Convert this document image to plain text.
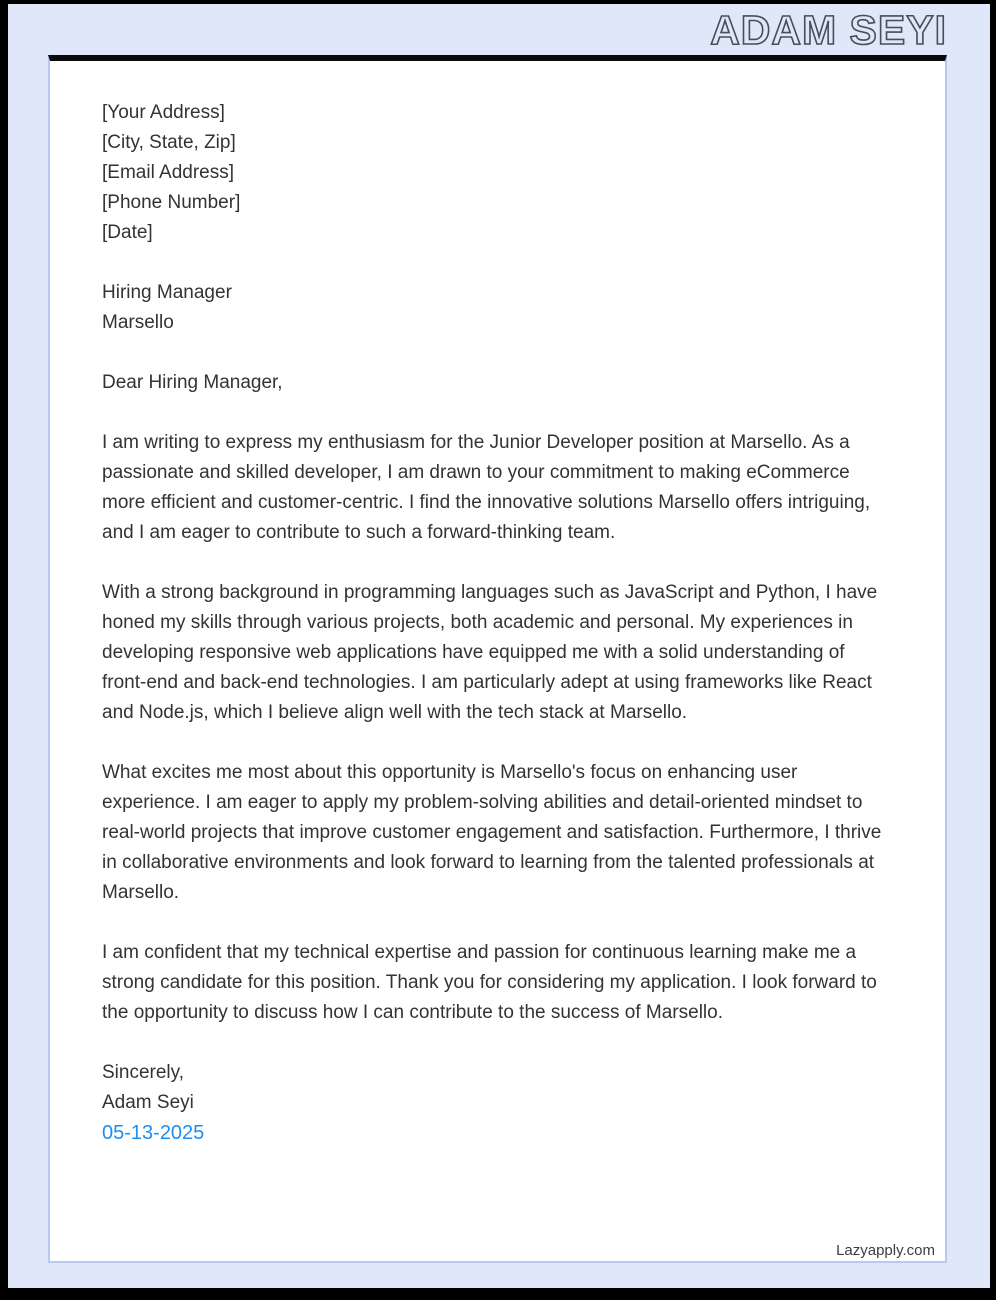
ADAM SEYI
[Your Address]
[City, State, Zip]
[Email Address]
[Phone Number]
[Date]
Hiring Manager
Marsello
Dear Hiring Manager,

I am writing to express my enthusiasm for the Junior Developer position at Marsello. As a passionate and skilled developer, I am drawn to your commitment to making eCommerce more efficient and customer-centric. I find the innovative solutions Marsello offers intriguing, and I am eager to contribute to such a forward-thinking team.

With a strong background in programming languages such as JavaScript and Python, I have honed my skills through various projects, both academic and personal. My experiences in developing responsive web applications have equipped me with a solid understanding of front-end and back-end technologies. I am particularly adept at using frameworks like React and Node.js, which I believe align well with the tech stack at Marsello.

What excites me most about this opportunity is Marsello's focus on enhancing user experience. I am eager to apply my problem-solving abilities and detail-oriented mindset to real-world projects that improve customer engagement and satisfaction. Furthermore, I thrive in collaborative environments and look forward to learning from the talented professionals at Marsello.

I am confident that my technical expertise and passion for continuous learning make me a strong candidate for this position. Thank you for considering my application. I look forward to the opportunity to discuss how I can contribute to the success of Marsello.

Sincerely,
Adam Seyi
05-13-2025
Lazyapply.com
